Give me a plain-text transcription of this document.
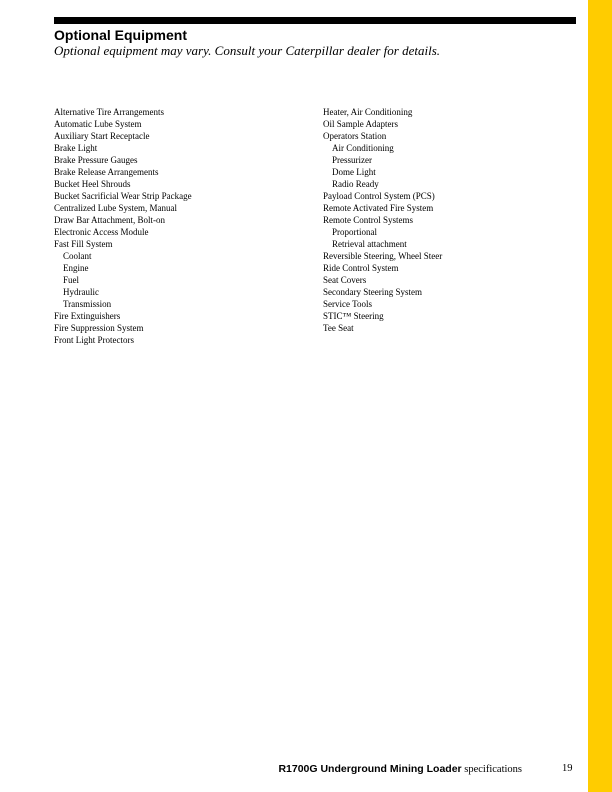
Optional Equipment

Optional equipment may vary. Consult your Caterpillar dealer for details.

Alternative Tire Arrangements
Automatic Lube System
Auxiliary Start Receptacle
Brake Light
Brake Pressure Gauges
Brake Release Arrangements
Bucket Heel Shrouds
Bucket Sacrificial Wear Strip Package
Centralized Lube System, Manual
Draw Bar Attachment, Bolt-on
Electronic Access Module
Fast Fill System
Coolant
Engine
Fuel
Hydraulic
Transmission
Fire Extinguishers
Fire Suppression System
Front Light Protectors
Heater, Air Conditioning
Oil Sample Adapters
Operators Station
Air Conditioning
Pressurizer
Dome Light
Radio Ready
Payload Control System (PCS)
Remote Activated Fire System
Remote Control Systems
Proportional
Retrieval attachment
Reversible Steering, Wheel Steer
Ride Control System
Seat Covers
Secondary Steering System
Service Tools
STIC™ Steering
Tee Seat
R1700G Underground Mining Loader specifications	19
